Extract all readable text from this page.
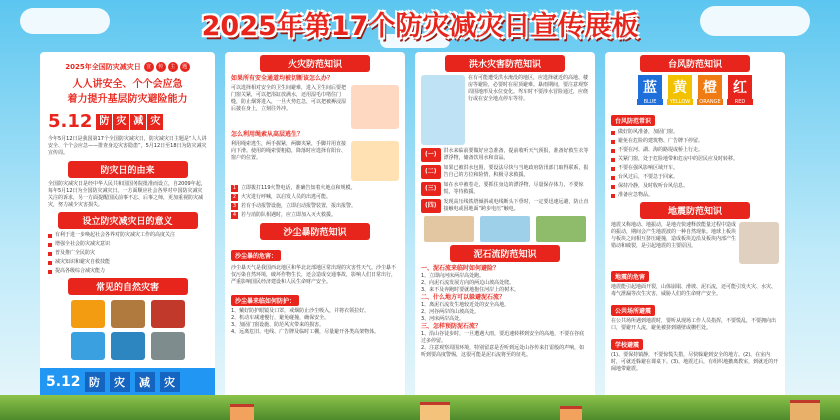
2025年第17个防灾减灾日宣传展板
2025年全国防灾减灾日	宣	传	主	题
人人讲安全、个个会应急
着力提升基层防灾避险能力
5.12 防 灾 减 灾
今年5月12日是我国第17个全国防灾减灾日，防灾减灾日主题是“人人讲安全、个个会应急——排查身边灾害隐患”，5月12日至18日为防灾减灾宣传周。
防灾日的由来
全国防灾减灾日是经中华人民共和国国务院批准而设立，自2009年起，每年5月12日为全国防灾减灾日。一方面顺应社会各界对中国防灾减灾关注的诉求，另一方面提醒国民前事不忘、后事之师，更加重视防灾减灾，努力减少灾害损失。
设立防灾减灾日的意义
有利于进一步唤起社会各界对防灾减灾工作的高度关注
增强全社会防灾减灾意识
普及推广全民防灾
减灾知识和避灾自救技能
提高各级综合减灾能力
常见的自然灾害
5.12 防	灾	减	灾
火灾防范知识
如果所有安全通道均被切断该怎么办？
可以选择相对安全的卫生间避难，进入卫生间后要把门窗关紧，可以把浴缸放满水，还用湿毛巾堵住门缝，防止烟雾进入，一旦火势危急，可以把被褥浸湿后披在身上，立刻往外冲。
怎么利用绳索从高层逃生？
利用绳索逃生，两手握紧，两脚夹紧，手脚并用直接向下滑。使用的绳索要粗稳，降落时应选择有阳台、窗户的位置。
1 立即拨打119火警电话，准确告知着火地点和规模。
2 火灾进行呼喊，以启发人员的出逃可能。
3 若有手动报警设施，立即启动报警装置，报出报警。
4 若与消防队相遇时，应立即加入灭火救援。
沙尘暴防范知识
沙尘暴的危害：
沙尘暴天气是我国西北地区和华北北部地区常出现的灾害性天气。沙尘暴不仅污染自然环境，破坏作物生长，还会造成交通事故，影响人们日常出行，严重影响国民经济建设和人民生命财产安全。
沙尘暴来临如何防护：
1、戴好防护眼镜及口罩，戒烟防止沙尘吸入，并将衣领拉好。
2、机动车减速慢行，避免碰撞，确保安全。
3、加固门窗设施、防范风灾带来的损害。
4、远离危旧、电线、广告牌及临时工棚，尽量避开各类高架物体。
洪水灾害防范知识
在有可能遭受洪水淹没的地区，应选择就近的高地、楼房等避险，必要时在屋顶避难。暴雨期间，要注意观察周围地形及水位变化。驾车时不要涉水冒险通过，应绕行或在安全地点停车等待。
(一)	洪水来临前要做好应急准备，提前收听天气预报，准备好救生衣等漂浮物，储备饮用水和食品。
(二)	如果已被洪水包围，要设法尽快与当地政府防汛部门取得联系，报告自己的方位和险情，积极寻求救援。
(三)	如在水中被卷走，要抓住身边的漂浮物，尽量保存体力，不要惊慌，等待救援。
(四)	发现高压线铁塔倾斜或电线断头下垂时，一定要迅速远避，防止直接触电或因地面“跨步电压”触电。
泥石流防范知识
一、泥石流来临时如何避险？
1、立即向河床两岸高处跑。
2、向泥石流发展方向的两边山坡高处爬。
3、来不及奔跑时要就地抱住河岸上的树木。
二、什么地方可以躲避泥石流？
1、离泥石流发生地较近处的安全高地。
2、河谷两岸的山坡高处。
3、河床两岸高处。
三、怎样预防泥石流？
1、沿山谷徒步时，一旦遭遇大雨，要迅速转移到安全的高地，不要在谷底过多停留。
2、注意观察周围环境，特别留意是否听到远处山谷传来打雷般的声响，如听到要高度警惕，这很可能是泥石流将至的征兆。
台风防范知识
蓝
BLUE
黄
YELLOW
橙
ORANGE
红
RED
台风防范常识
做好防风准备，加固门窗。
避免在危险的建筑物、广告牌下停留。
不要在河、湖、海的路堤或桥上行走。
关紧门窗，处于危险地带和危房中的居民应及时转移。
不要在强风影响区域开车。
台风过后，不要急于回家。
保持冷静，及时收听台风信息。
准备应急物品。
地震防范知识
地震又称地动、地振动，是地壳快速释放能量过程中造成的振动，期间会产生地震波的一种自然现象。地球上板块与板块之间相互挤压碰撞，造成板块边沿及板块内部产生错动和破裂，是引起地震的主要原因。
地震的危害
地震能引起地面开裂，山体崩塌、滑坡、泥石流，还可能引发火灾、水灾、毒气泄漏等次生灾害，威胁人们的生命财产安全。
公共场所避震
在公共场所遇到地震时，要听从现场工作人员指挥，不要慌乱，不要拥向出口，要避开人流，避免被挤到墙壁或栅栏处。
学校避震
(1)、要保持镇静，不要惊慌失措，尽快躲避到安全的地方。(2)、在室内时，可就近躲避在课桌下。(3)、地震过后，有组织地撤离教室，到就近的开阔地带避震。
